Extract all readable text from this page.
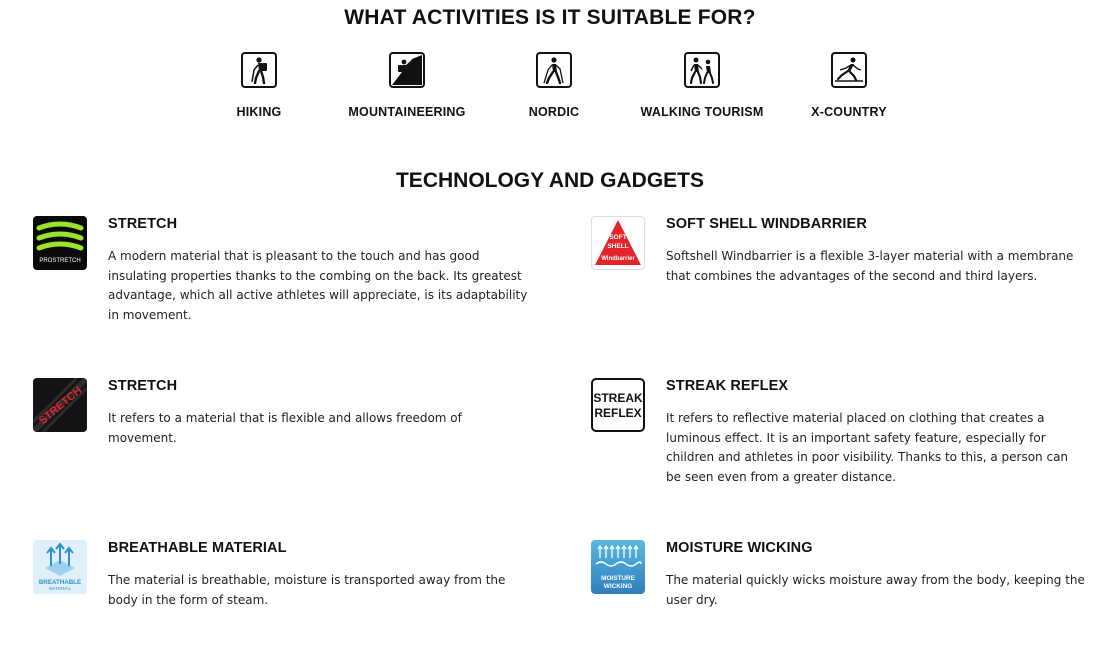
WHAT ACTIVITIES IS IT SUITABLE FOR?
HIKING	MOUNTAINEERING	NORDIC	WALKING TOURISM	X-COUNTRY
TECHNOLOGY AND GADGETS
PROSTRETCH
STRETCH
A modern material that is pleasant to the touch and has good insulating properties thanks to the combing on the back. Its greatest advantage, which all active athletes will appreciate, is its adaptability in movement.
SOFT
SHELL
Windbarrier
SOFT SHELL WINDBARRIER
Softshell Windbarrier is a flexible 3-layer material with a membrane that combines the advantages of the second and third layers.
STRETCH STRETCH
It refers to a material that is flexible and allows freedom of movement.
STREAK
REFLEX
STREAK REFLEX
It refers to reflective material placed on clothing that creates a luminous effect. It is an important safety feature, especially for children and athletes in poor visibility. Thanks to this, a person can be seen even from a greater distance.
BREATHABLE
MATERIAL
BREATHABLE MATERIAL
The material is breathable, moisture is transported away from the body in the form of steam.
MOISTURE
WICKING
MOISTURE WICKING
The material quickly wicks moisture away from the body, keeping the user dry.
